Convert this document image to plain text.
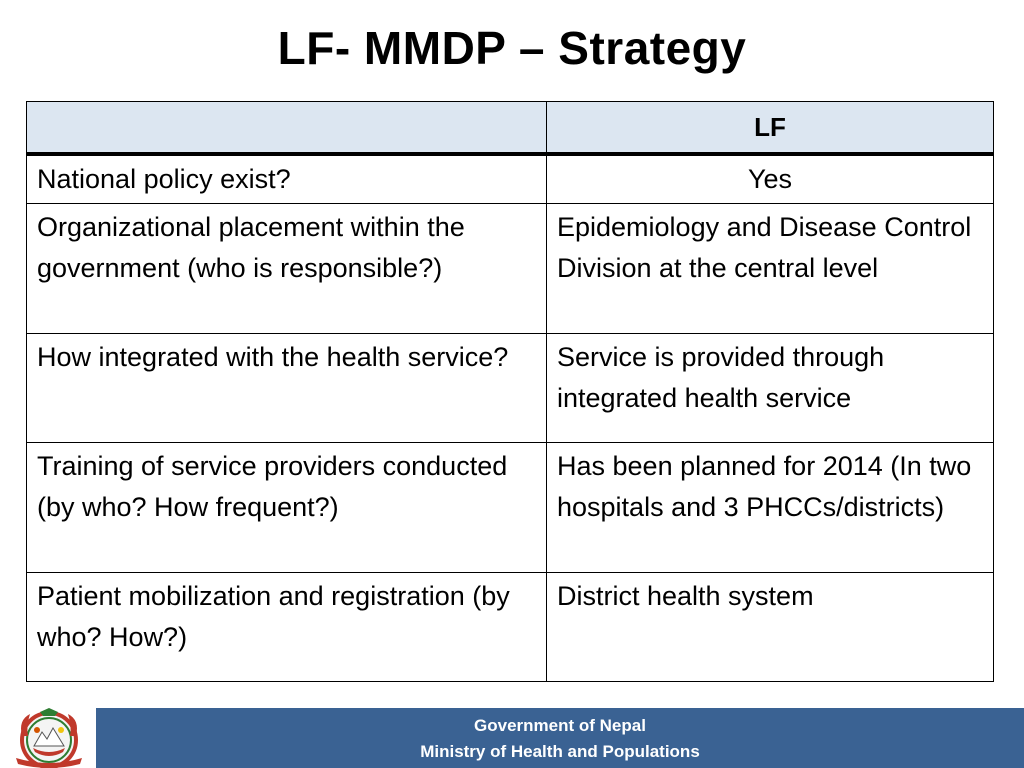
LF- MMDP – Strategy
	LF
National policy exist?	Yes
Organizational placement within the government (who is responsible?)	Epidemiology and Disease Control Division at the central level
How integrated with the health service?	Service is provided through integrated health service
Training of service providers conducted (by who? How frequent?)	Has been planned for 2014 (In two hospitals and 3 PHCCs/districts)
Patient mobilization and registration (by who? How?)	District health system
Government of Nepal
Ministry of Health and Populations
